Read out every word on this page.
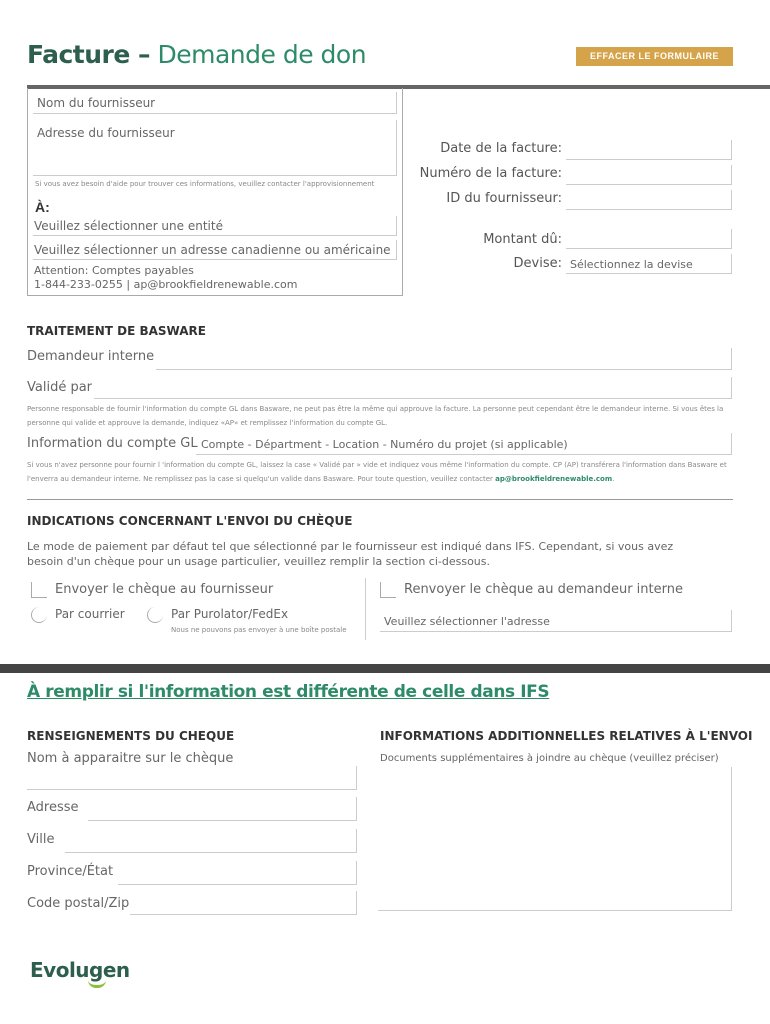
Facture – Demande de don	EFFACER LE FORMULAIRE
Nom du fournisseur
Adresse du fournisseur
Si vous avez besoin d'aide pour trouver ces informations, veuillez contacter l'approvisionnement
À:
Veuillez sélectionner une entité
Veuillez sélectionner un adresse canadienne ou américaine
Attention: Comptes payables
1-844-233-0255 | ap@brookfieldrenewable.com
Date de la facture:
Numéro de la facture:
ID du fournisseur:
Montant dû:
Devise: Sélectionnez la devise
TRAITEMENT DE BASWARE
Demandeur interne
Validé par
Personne responsable de fournir l'information du compte GL dans Basware, ne peut pas être la même qui approuve la facture. La personne peut cependant être le demandeur interne. Si vous êtes la
personne qui valide et approuve la demande, indiquez «AP» et remplissez l'information du compte GL.
Information du compte GL Compte - Départment - Location - Numéro du projet (si applicable)
Si vous n'avez personne pour fournir l 'information du compte GL, laissez la case « Validé par » vide et indiquez vous même l'information du compte. CP (AP) transférera l'information dans Basware et
l'enverra au demandeur interne. Ne remplissez pas la case si quelqu'un valide dans Basware. Pour toute question, veuillez contacter ap@brookfieldrenewable.com.
INDICATIONS CONCERNANT L'ENVOI DU CHÈQUE
Le mode de paiement par défaut tel que sélectionné par le fournisseur est indiqué dans IFS. Cependant, si vous avez
besoin d'un chèque pour un usage particulier, veuillez remplir la section ci-dessous.
Envoyer le chèque au fournisseur
Par courrier	Par Purolator/FedEx
Nous ne pouvons pas envoyer à une boîte postale
Renvoyer le chèque au demandeur interne
Veuillez sélectionner l'adresse
À remplir si l'information est différente de celle dans IFS
RENSEIGNEMENTS DU CHEQUE
Nom à apparaitre sur le chèque
Adresse
Ville
Province/État
Code postal/Zip
INFORMATIONS ADDITIONNELLES RELATIVES À L'ENVOI
Documents supplémentaires à joindre au chèque (veuillez préciser)
Evolugen
